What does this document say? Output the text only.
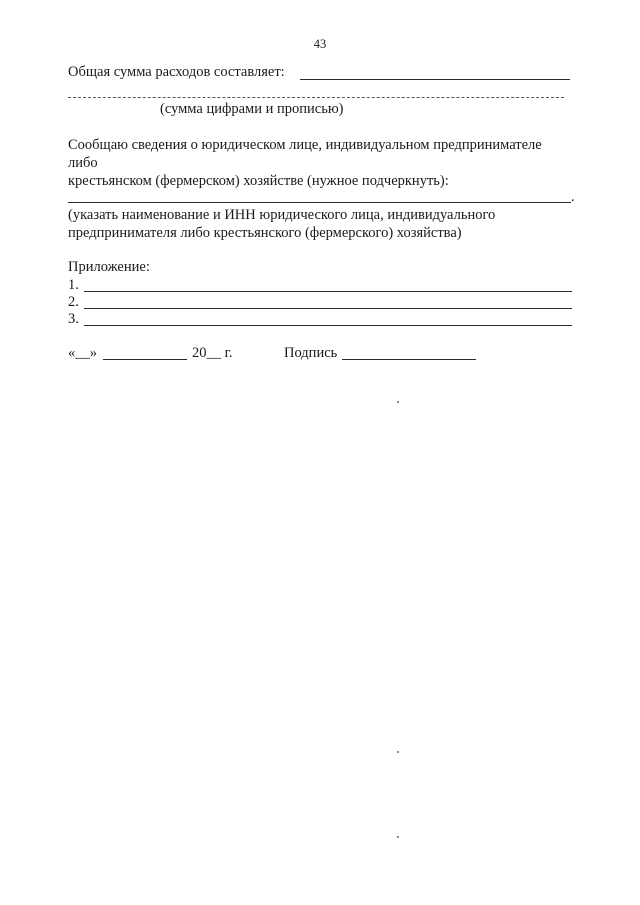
43
Общая сумма расходов составляет:
(сумма цифрами и прописью)
Сообщаю сведения о юридическом лице, индивидуальном предпринимателе
либо
крестьянском (фермерском) хозяйстве (нужное подчеркнуть):
.
(указать наименование и ИНН юридического лица, индивидуального
предпринимателя либо крестьянского (фермерского) хозяйства)
Приложение:
1.
2.
3.
«__»	20__ г.	Подпись
